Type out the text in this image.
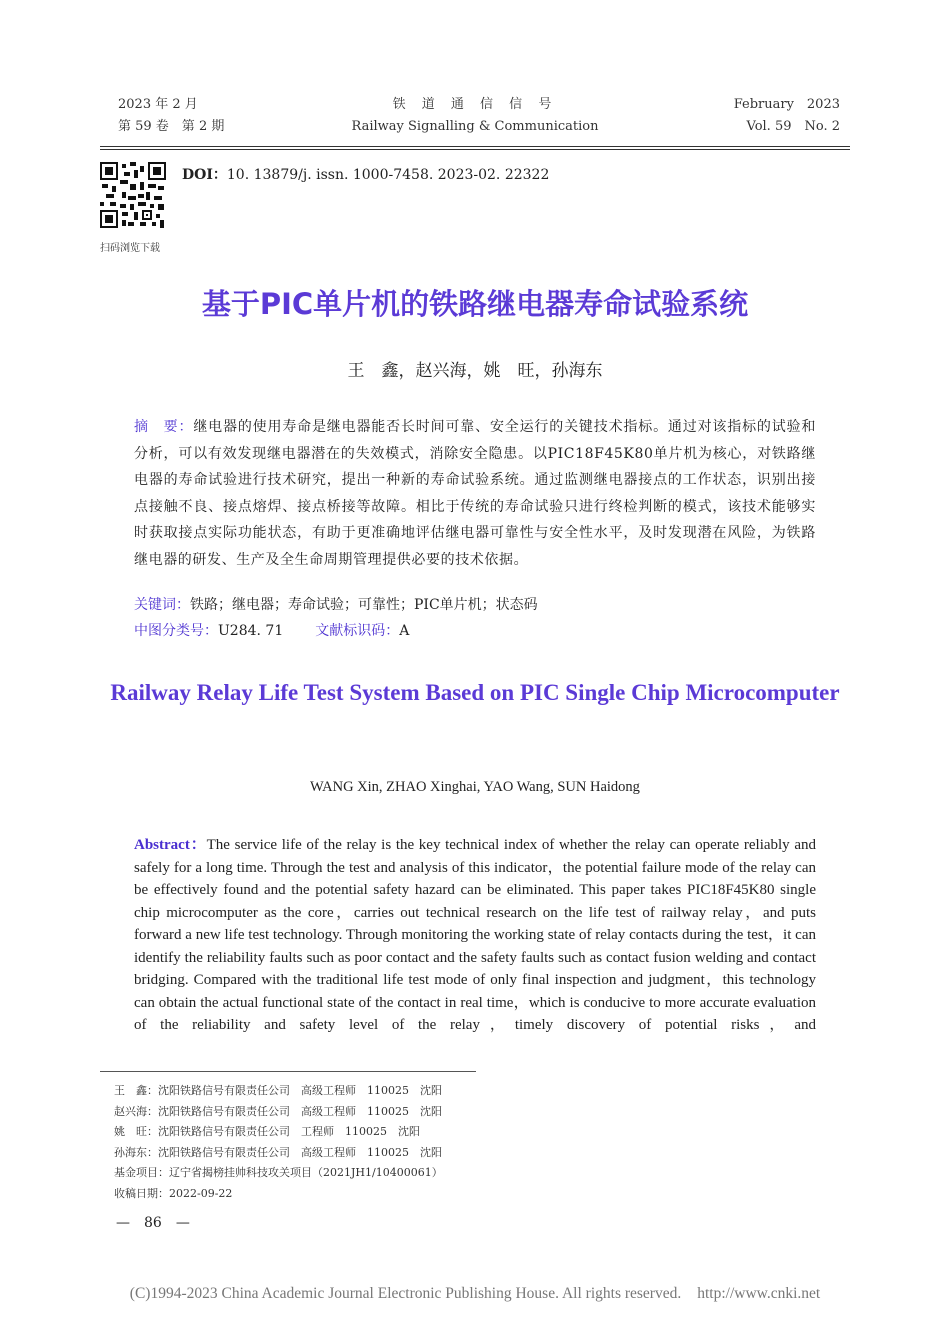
2023 年 2 月
第 59 卷　第 2 期
铁 道 通 信 信 号
Railway Signalling & Communication
February　2023
Vol. 59　No. 2
扫码浏览下载
DOI：10. 13879/j. issn. 1000-7458. 2023-02. 22322
基于PIC单片机的铁路继电器寿命试验系统
王　鑫，赵兴海，姚　旺，孙海东
摘　要：继电器的使用寿命是继电器能否长时间可靠、安全运行的关键技术指标。通过对该指标的试验和分析，可以有效发现继电器潜在的失效模式，消除安全隐患。以PIC18F45K80单片机为核心，对铁路继电器的寿命试验进行技术研究，提出一种新的寿命试验系统。通过监测继电器接点的工作状态，识别出接点接触不良、接点熔焊、接点桥接等故障。相比于传统的寿命试验只进行终检判断的模式，该技术能够实时获取接点实际功能状态，有助于更准确地评估继电器可靠性与安全性水平，及时发现潜在风险，为铁路继电器的研发、生产及全生命周期管理提供必要的技术依据。
关键词：铁路；继电器；寿命试验；可靠性；PIC单片机；状态码
中图分类号：U284. 71 文献标识码：A
Railway Relay Life Test System Based on PIC Single Chip Microcomputer
WANG Xin, ZHAO Xinghai, YAO Wang, SUN Haidong
Abstract：The service life of the relay is the key technical index of whether the relay can operate reliably and safely for a long time. Through the test and analysis of this indicator，the potential failure mode of the relay can be effectively found and the potential safety hazard can be eliminated. This paper takes PIC18F45K80 single chip microcomputer as the core，carries out technical research on the life test of railway relay，and puts forward a new life test technology. Through monitoring the working state of relay contacts during the test，it can identify the reliability faults such as poor contact and the safety faults such as contact fusion welding and contact bridging. Compared with the traditional life test mode of only final inspection and judgment，this technology can obtain the actual functional state of the contact in real time，which is conducive to more accurate evaluation of the reliability and safety level of the relay，timely discovery of potential risks，and
王　鑫：沈阳铁路信号有限责任公司　高级工程师　110025　沈阳
赵兴海：沈阳铁路信号有限责任公司　高级工程师　110025　沈阳
姚　旺：沈阳铁路信号有限责任公司　工程师　110025　沈阳
孙海东：沈阳铁路信号有限责任公司　高级工程师　110025　沈阳
基金项目：辽宁省揭榜挂帅科技攻关项目（2021JH1/10400061）
收稿日期：2022-09-22
—　86　—
(C)1994-2023 China Academic Journal Electronic Publishing House. All rights reserved. http://www.cnki.net
